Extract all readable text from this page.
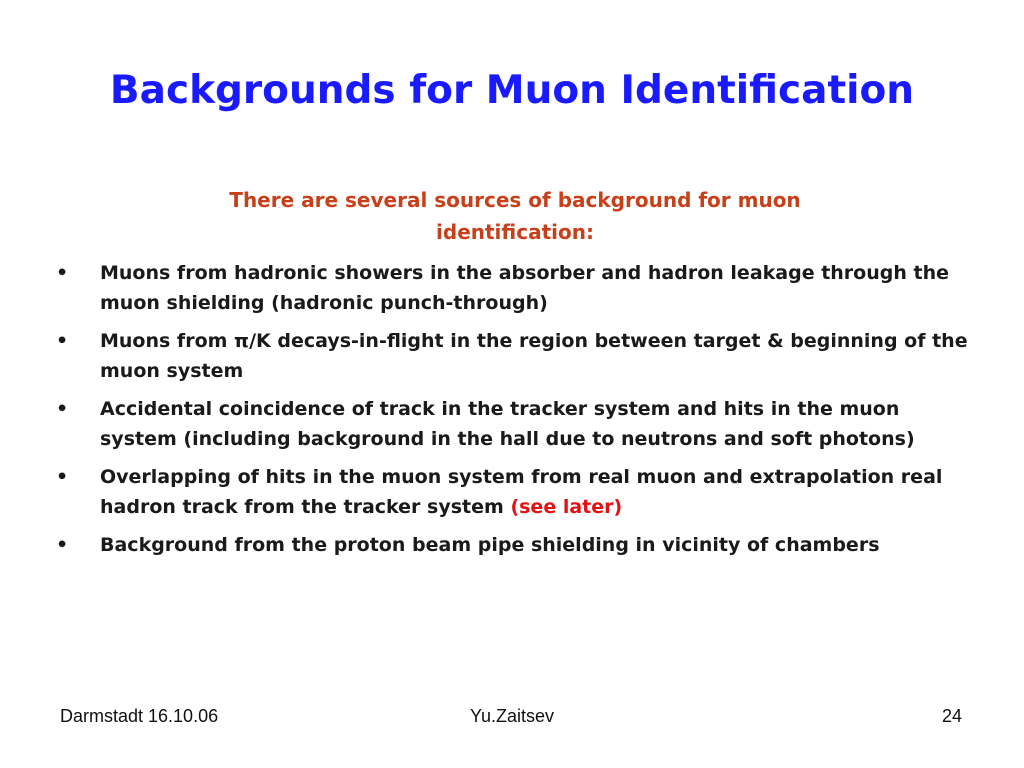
Backgrounds for Muon Identification
There are several sources of background for muon identification:
•	Muons from hadronic showers in the absorber and hadron leakage through the muon shielding (hadronic punch-through)
•	Muons from π/K decays-in-flight in the region between target & beginning of the muon system
•	Accidental coincidence of track in the tracker system and hits in the muon system (including background in the hall due to neutrons and soft photons)
•	Overlapping of hits in the muon system from real muon and extrapolation real hadron track from the tracker system (see later)
•	Background from the proton beam pipe shielding in vicinity of chambers
Darmstadt 16.10.06	Yu.Zaitsev	24
